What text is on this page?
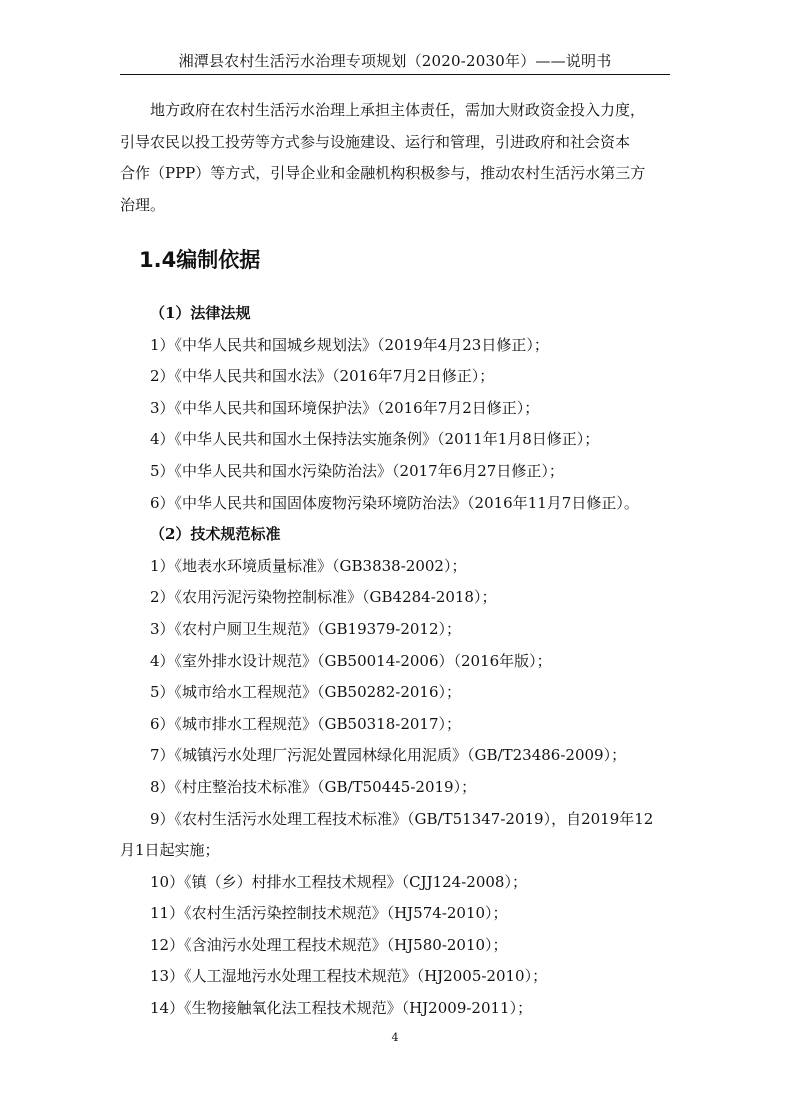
湘潭县农村生活污水治理专项规划（2020-2030年）——说明书
地方政府在农村生活污水治理上承担主体责任，需加大财政资金投入力度，
引导农民以投工投劳等方式参与设施建设、运行和管理，引进政府和社会资本
合作（PPP）等方式，引导企业和金融机构积极参与，推动农村生活污水第三方
治理。
1.4编制依据
（1）法律法规
1）《中华人民共和国城乡规划法》（2019年4月23日修正）；
2）《中华人民共和国水法》（2016年7月2日修正）；
3）《中华人民共和国环境保护法》（2016年7月2日修正）；
4）《中华人民共和国水土保持法实施条例》（2011年1月8日修正）；
5）《中华人民共和国水污染防治法》（2017年6月27日修正）；
6）《中华人民共和国固体废物污染环境防治法》（2016年11月7日修正）。
（2）技术规范标准
1）《地表水环境质量标准》（GB3838-2002）；
2）《农用污泥污染物控制标准》（GB4284-2018）；
3）《农村户厕卫生规范》（GB19379-2012）；
4）《室外排水设计规范》（GB50014-2006）（2016年版）；
5）《城市给水工程规范》（GB50282-2016）；
6）《城市排水工程规范》（GB50318-2017）；
7）《城镇污水处理厂污泥处置园林绿化用泥质》（GB/T23486-2009）；
8）《村庄整治技术标准》（GB/T50445-2019）；
9）《农村生活污水处理工程技术标准》（GB/T51347-2019），自2019年12
月1日起实施；
10）《镇（乡）村排水工程技术规程》（CJJ124-2008）；
11）《农村生活污染控制技术规范》（HJ574-2010）；
12）《含油污水处理工程技术规范》（HJ580-2010）；
13）《人工湿地污水处理工程技术规范》（HJ2005-2010）；
14）《生物接触氧化法工程技术规范》（HJ2009-2011）；
4
